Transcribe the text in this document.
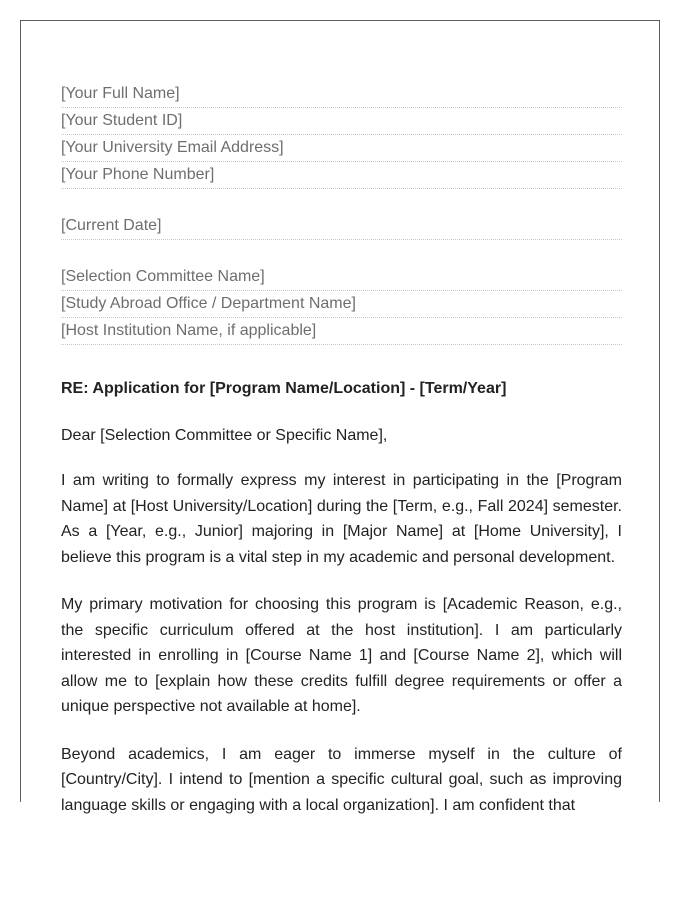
[Your Full Name]
[Your Student ID]
[Your University Email Address]
[Your Phone Number]
[Current Date]
[Selection Committee Name]
[Study Abroad Office / Department Name]
[Host Institution Name, if applicable]

RE: Application for [Program Name/Location] - [Term/Year]

Dear [Selection Committee or Specific Name],
I am writing to formally express my interest in participating in the [Program Name] at [Host University/Location] during the [Term, e.g., Fall 2024] semester. As a [Year, e.g., Junior] majoring in [Major Name] at [Home University], I believe this program is a vital step in my academic and personal development.
My primary motivation for choosing this program is [Academic Reason, e.g., the specific curriculum offered at the host institution]. I am particularly interested in enrolling in [Course Name 1] and [Course Name 2], which will allow me to [explain how these credits fulfill degree requirements or offer a unique perspective not available at home].
Beyond academics, I am eager to immerse myself in the culture of [Country/City]. I intend to [mention a specific cultural goal, such as improving language skills or engaging with a local organization]. I am confident that
